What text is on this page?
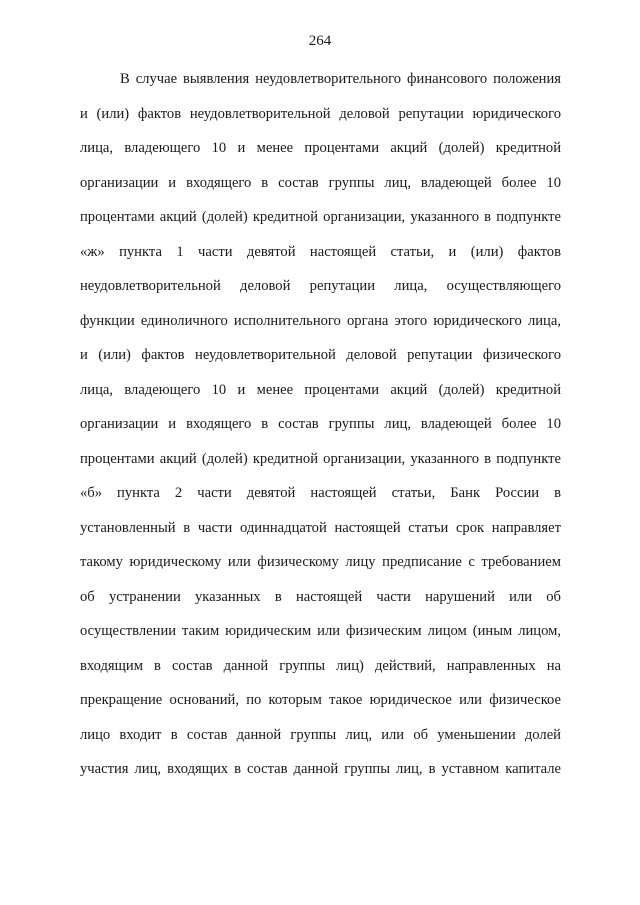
264
В случае выявления неудовлетворительного финансового положения
и (или) фактов неудовлетворительной деловой репутации юридического
лица, владеющего 10 и менее процентами акций (долей) кредитной
организации и входящего в состав группы лиц, владеющей более 10
процентами акций (долей) кредитной организации, указанного в подпункте
«ж» пункта 1 части девятой настоящей статьи, и (или) фактов
неудовлетворительной деловой репутации лица, осуществляющего
функции единоличного исполнительного органа этого юридического лица,
и (или) фактов неудовлетворительной деловой репутации физического
лица, владеющего 10 и менее процентами акций (долей) кредитной
организации и входящего в состав группы лиц, владеющей более 10
процентами акций (долей) кредитной организации, указанного в подпункте
«б» пункта 2 части девятой настоящей статьи, Банк России в
установленный в части одиннадцатой настоящей статьи срок направляет
такому юридическому или физическому лицу предписание с требованием
об устранении указанных в настоящей части нарушений или об
осуществлении таким юридическим или физическим лицом (иным лицом,
входящим в состав данной группы лиц) действий, направленных на
прекращение оснований, по которым такое юридическое или физическое
лицо входит в состав данной группы лиц, или об уменьшении долей
участия лиц, входящих в состав данной группы лиц, в уставном капитале
